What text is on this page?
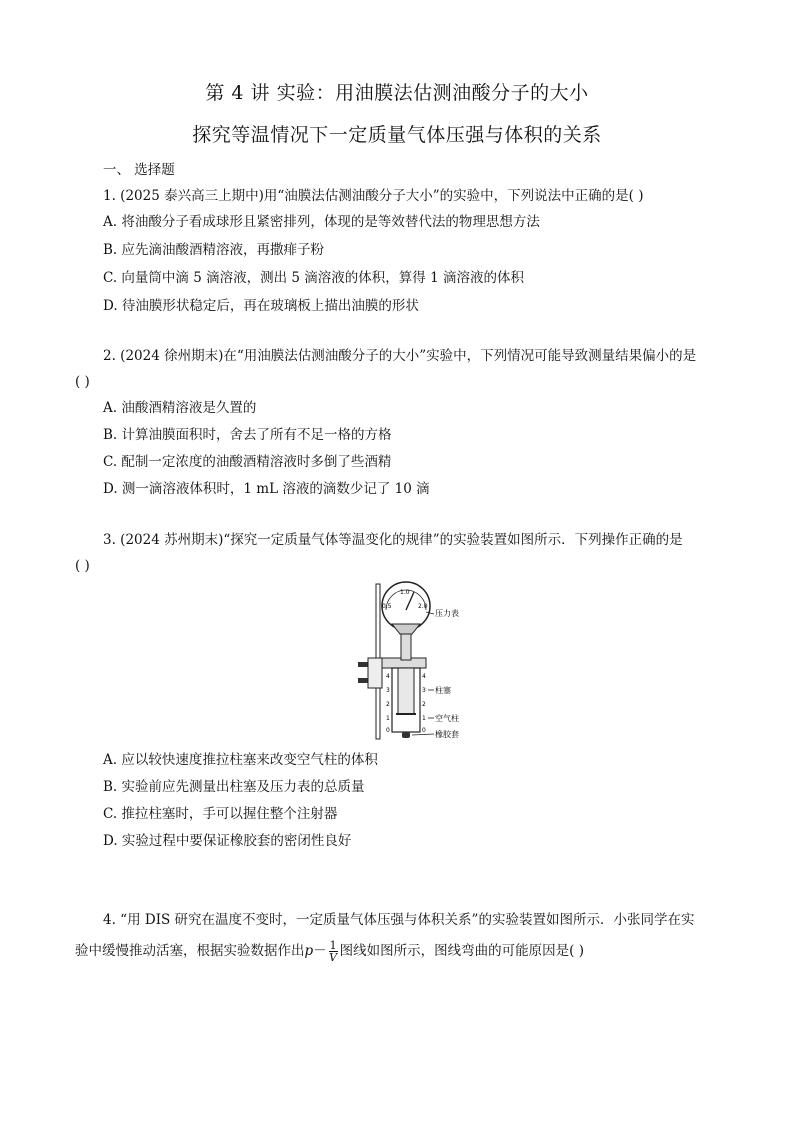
第 4 讲 实验：用油膜法估测油酸分子的大小
探究等温情况下一定质量气体压强与体积的关系
一、 选择题
1. (2025 泰兴高三上期中)用“油膜法估测油酸分子大小”的实验中，下列说法中正确的是( )
A. 将油酸分子看成球形且紧密排列，体现的是等效替代法的物理思想方法
B. 应先滴油酸酒精溶液，再撒痱子粉
C. 向量筒中滴 5 滴溶液，测出 5 滴溶液的体积，算得 1 滴溶液的体积
D. 待油膜形状稳定后，再在玻璃板上描出油膜的形状
2. (2024 徐州期末)在“用油膜法估测油酸分子的大小”实验中，下列情况可能导致测量结果偏小的是
( )
A. 油酸酒精溶液是久置的
B. 计算油膜面积时，舍去了所有不足一格的方格
C. 配制一定浓度的油酸酒精溶液时多倒了些酒精
D. 测一滴溶液体积时，1 mL 溶液的滴数少记了 10 滴
3. (2024 苏州期末)“探究一定质量气体等温变化的规律”的实验装置如图所示．下列操作正确的是
( )
0.5
1.0
2.0
压力表
4
3
2
1
0
4
3
2
1
0
柱塞
空气柱
橡胶套
A. 应以较快速度推拉柱塞来改变空气柱的体积
B. 实验前应先测量出柱塞及压力表的总质量
C. 推拉柱塞时，手可以握住整个注射器
D. 实验过程中要保证橡胶套的密闭性良好
4. “用 DIS 研究在温度不变时，一定质量气体压强与体积关系”的实验装置如图所示．小张同学在实
验中缓慢推动活塞，根据实验数据作出$p- \frac{1}{V}$ 图线如图所示，图线弯曲的可能原因是( )
